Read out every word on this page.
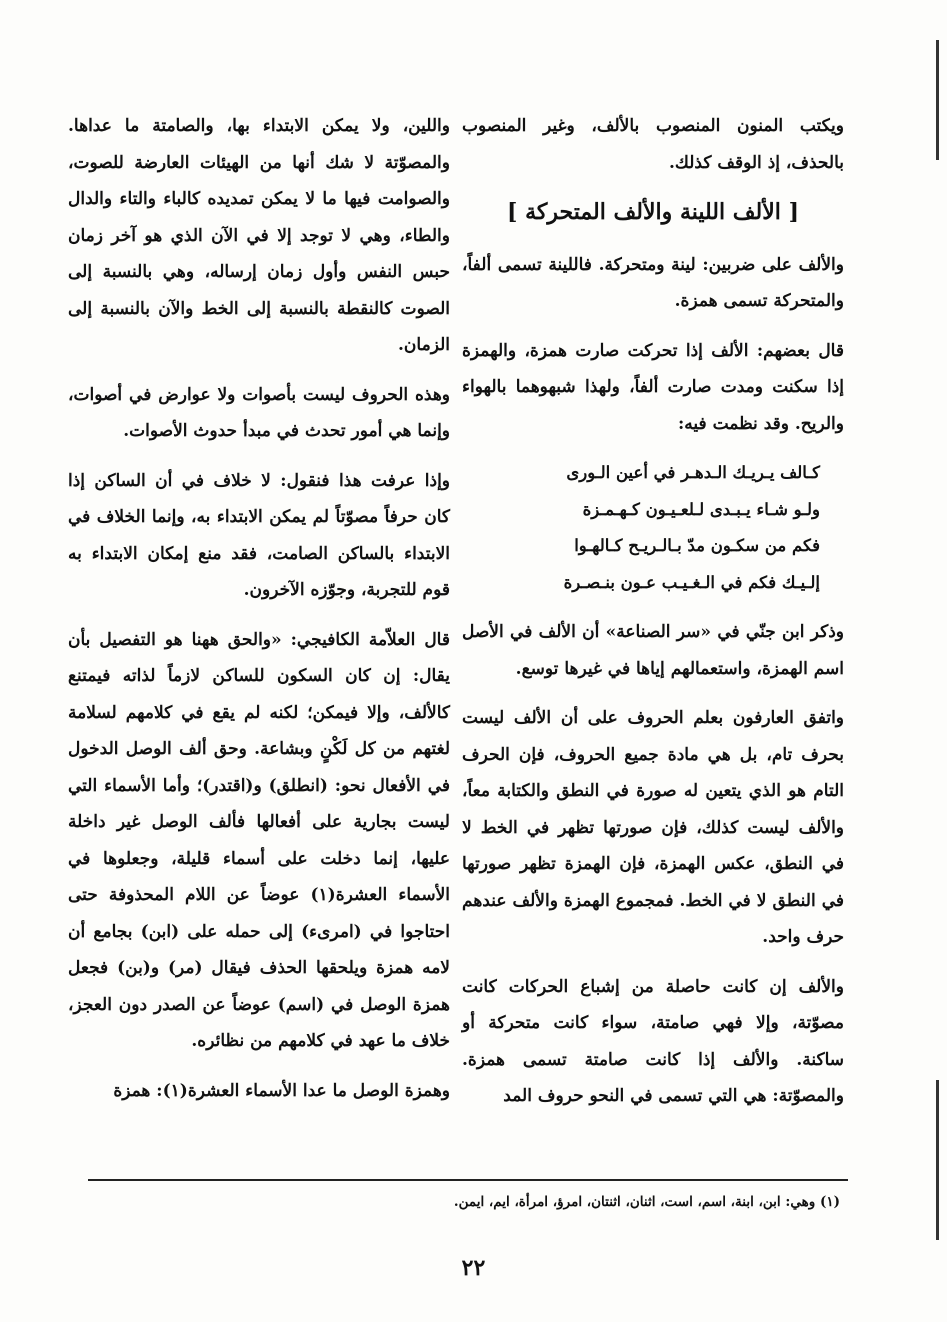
ويكتب المنون المنصوب بالألف، وغير المنصوب بالحذف، إذ الوقف كذلك.

[ الألف اللينة والألف المتحركة ]

والألف على ضربين: لينة ومتحركة. فاللينة تسمى ألفاً، والمتحركة تسمى همزة.

قال بعضهم: الألف إذا تحركت صارت همزة، والهمزة إذا سكنت ومدت صارت ألفاً، ولهذا شبهوهما بالهواء والريح. وقد نظمت فيه:

كـالف يـريـك الـدهـر في أعين الـورى

ولـو شـاء يـبـدى لـلعـيـون كـهـمـزة

فكم من سكـون مدّ بـالـريـح كـالهـوا

إلـيـك فكم في الـغـيـب عـون بنـصـرة

وذكر ابن جنّي في «سر الصناعة» أن الألف في الأصل اسم الهمزة، واستعمالهم إياها في غيرها توسع.

واتفق العارفون بعلم الحروف على أن الألف ليست بحرف تام، بل هي مادة جميع الحروف، فإن الحرف التام هو الذي يتعين له صورة في النطق والكتابة معاً، والألف ليست كذلك، فإن صورتها تظهر في الخط لا في النطق، عكس الهمزة، فإن الهمزة تظهر صورتها في النطق لا في الخط. فمجموع الهمزة والألف عندهم حرف واحد.

والألف إن كانت حاصلة من إشباع الحركات كانت مصوّتة، وإلا فهي صامتة، سواء كانت متحركة أو ساكنة. والألف إذا كانت صامتة تسمى همزة. والمصوّتة: هي التي تسمى في النحو حروف المد

واللين، ولا يمكن الابتداء بها، والصامتة ما عداها. والمصوّتة لا شك أنها من الهيئات العارضة للصوت، والصوامت فيها ما لا يمكن تمديده كالباء والتاء والدال والطاء، وهي لا توجد إلا في الآن الذي هو آخر زمان حبس النفس وأول زمان إرساله، وهي بالنسبة إلى الصوت كالنقطة بالنسبة إلى الخط والآن بالنسبة إلى الزمان.

وهذه الحروف ليست بأصوات ولا عوارض في أصوات، وإنما هي أمور تحدث في مبدأ حدوث الأصوات.

وإذا عرفت هذا فنقول: لا خلاف في أن الساكن إذا كان حرفاً مصوّتاً لم يمكن الابتداء به، وإنما الخلاف في الابتداء بالساكن الصامت، فقد منع إمكان الابتداء به قوم للتجربة، وجوّزه الآخرون.

قال العلاّمة الكافيجي: «والحق ههنا هو التفصيل بأن يقال: إن كان السكون للساكن لازماً لذاته فيمتنع كالألف، وإلا فيمكن؛ لكنه لم يقع في كلامهم لسلامة لغتهم من كل لَكْنٍ وبشاعة. وحق ألف الوصل الدخول في الأفعال نحو: (انطلق) و(اقتدر)؛ وأما الأسماء التي ليست بجارية على أفعالها فألف الوصل غير داخلة عليها، إنما دخلت على أسماء قليلة، وجعلوها في الأسماء العشرة(١) عوضاً عن اللام المحذوفة حتى احتاجوا في (امرىء) إلى حمله على (ابن) بجامع أن لامه همزة ويلحقها الحذف فيقال (مر) و(بن) فجعل همزة الوصل في (اسم) عوضاً عن الصدر دون العجز، خلاف ما عهد في كلامهم من نظائره.

وهمزة الوصل ما عدا الأسماء العشرة(١): همزة

(١) وهي: ابن، ابنة، اسم، است، اثنان، اثنتان، امرؤ، امرأة، ايم، ايمن.
٢٢
